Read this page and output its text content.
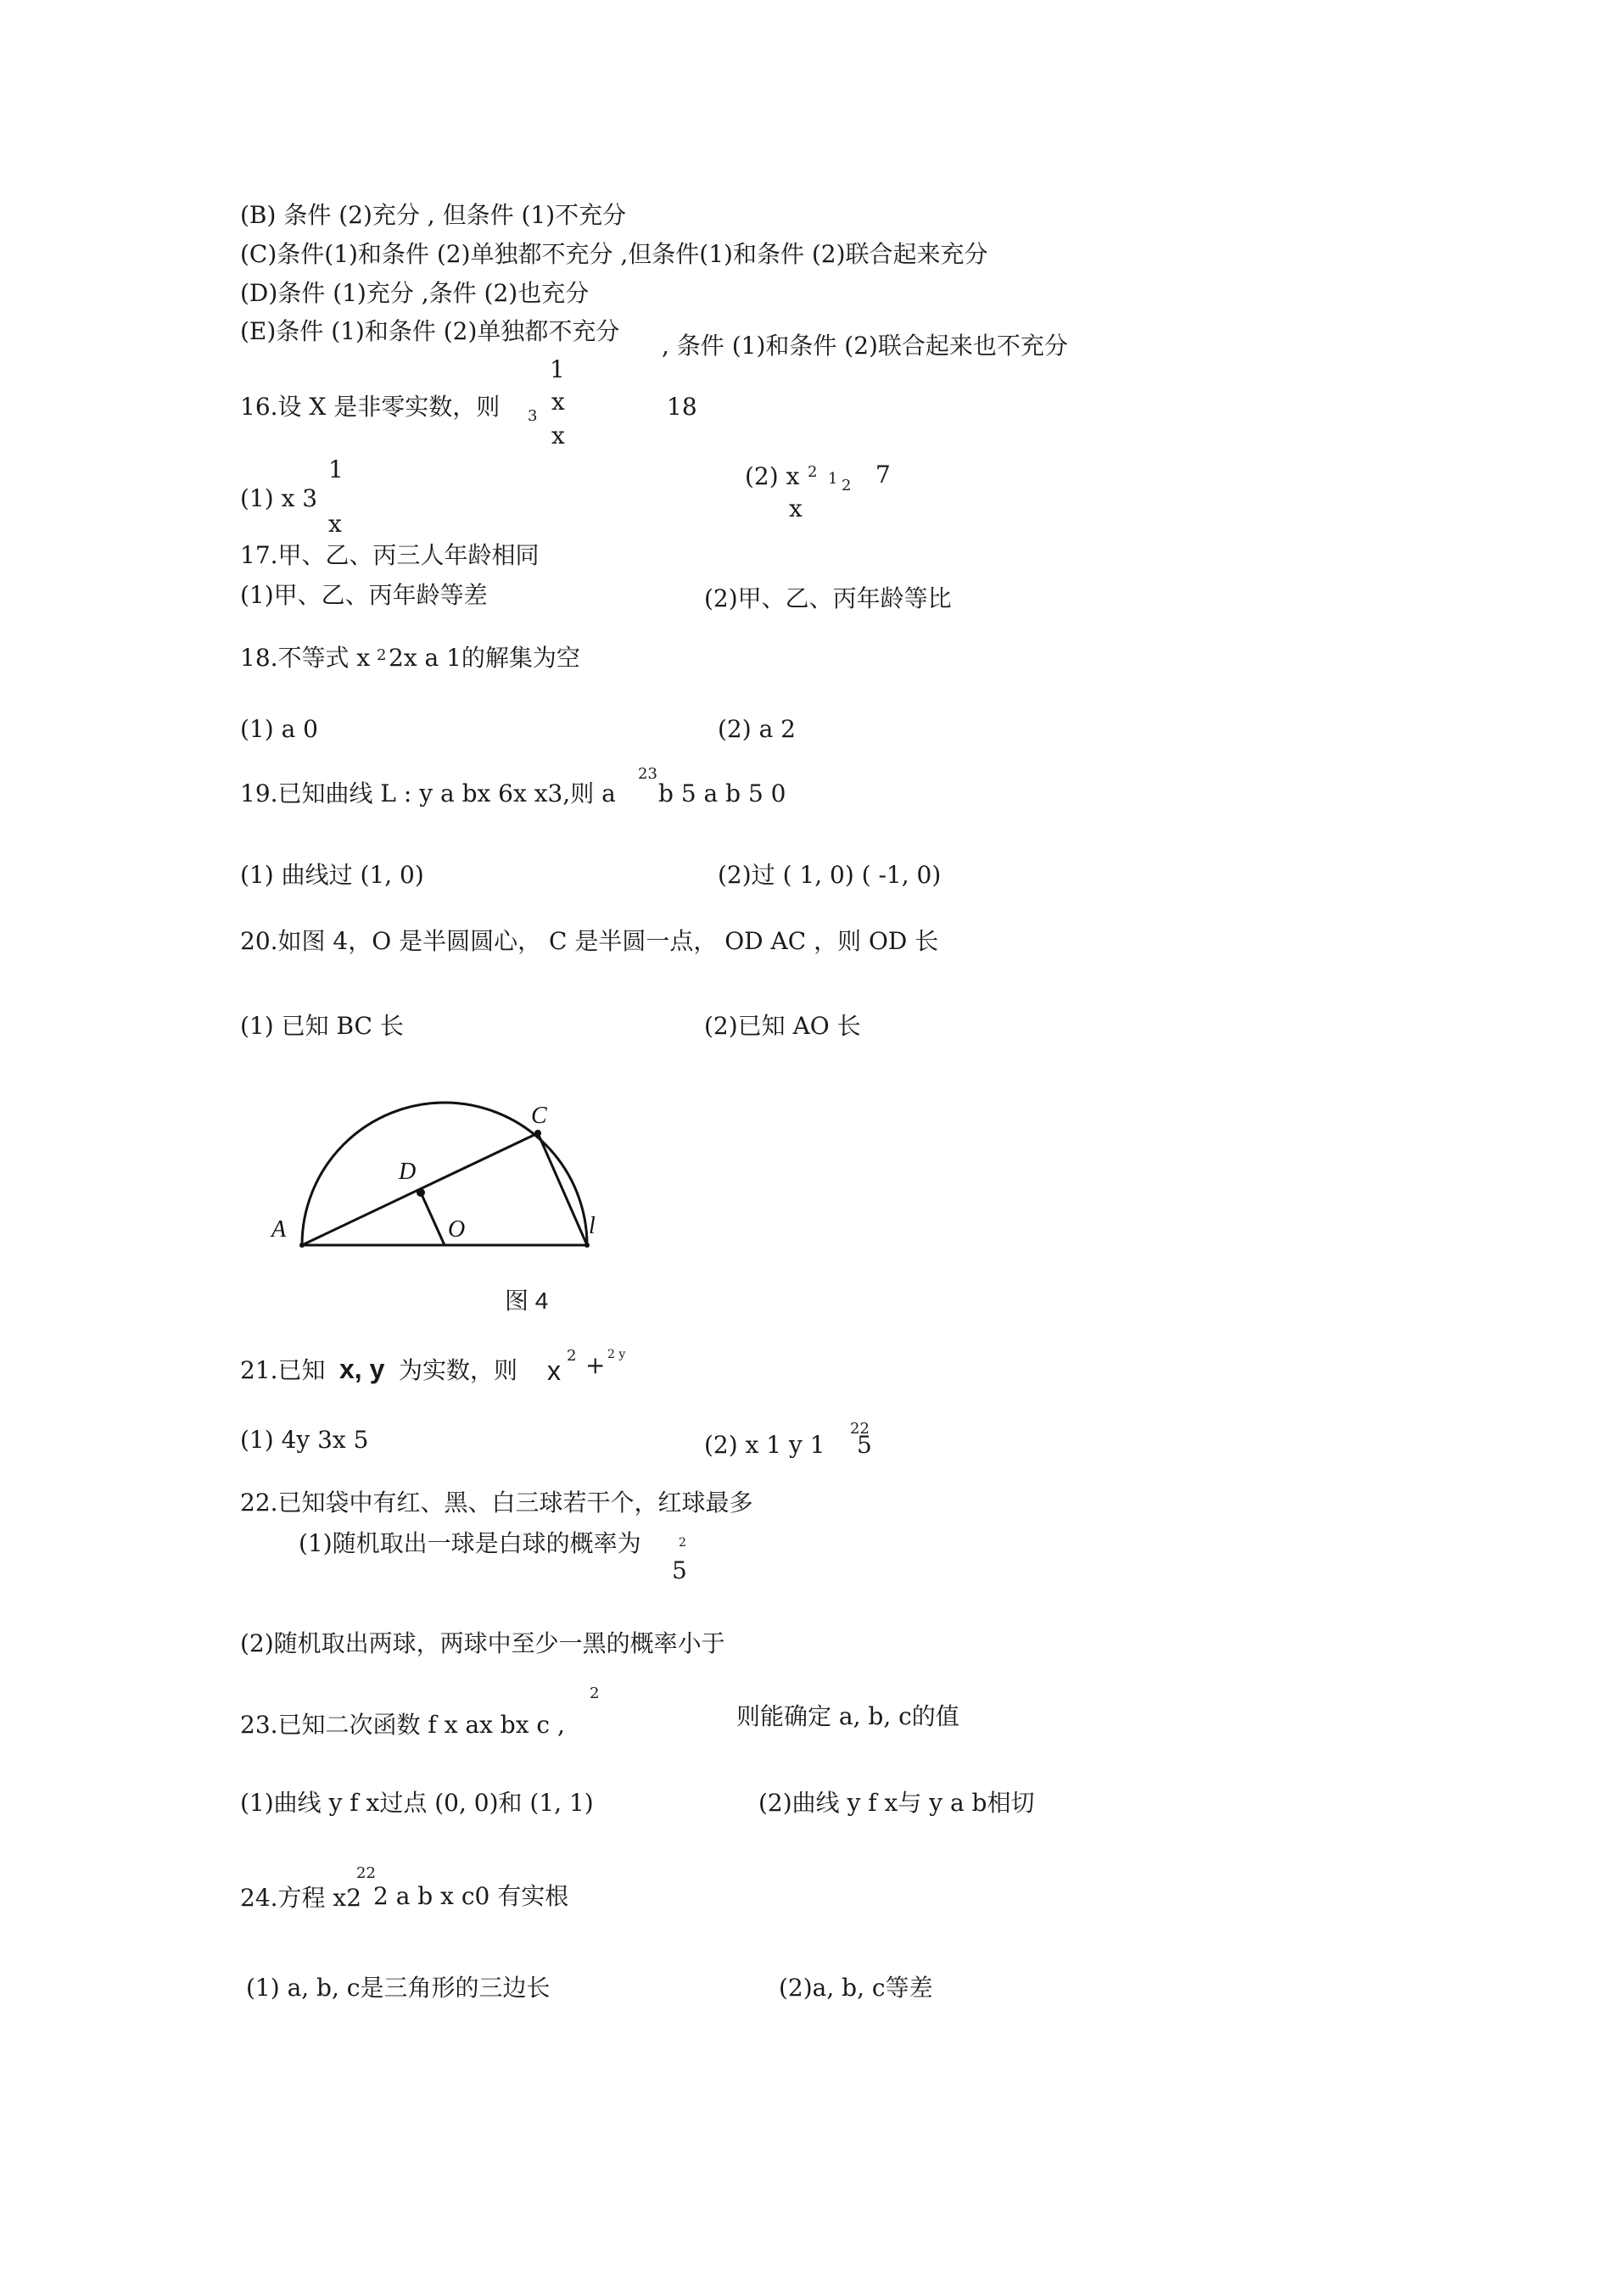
(B) 条件 (2)充分 , 但条件 (1)不充分
(C)条件(1)和条件 (2)单独都不充分 ,但条件(1)和条件 (2)联合起来充分
(D)条件 (1)充分 ,条件 (2)也充分
(E)条件 (1)和条件 (2)单独都不充分
, 条件 (1)和条件 (2)联合起来也不充分
1
x
16.设 X 是非零实数，则 3	18
x
1
(1) x 3
x
(2) x 2 1 2 7
x
17.甲、乙、丙三人年龄相同
(1)甲、乙、丙年龄等差	(2)甲、乙、丙年龄等比
18.不等式 x 2 2x a 1的解集为空
(1) a 0	(2) a 2
23
19.已知曲线 L : y a bx 6x x3,则 a b 5 a b 5 0
(1) 曲线过 (1, 0)	(2)过 ( 1, 0) ( -1, 0)
20.如图 4，O 是半圆圆心， C 是半圆一点， OD AC ，则 OD 长
(1) 已知 BC 长	(2)已知 AO 长
A	l
C
D
O
图 4
21.已知 x, y 为实数，则 x 2 + 2 y
(1) 4y 3x 5	(2) x 1 y 1
22
5
22.已知袋中有红、黑、白三球若干个，红球最多
(1)随机取出一球是白球的概率为	2
5
(2)随机取出两球，两球中至少一黑的概率小于
2
23.已知二次函数 f x ax bx c ,	则能确定 a, b, c的值
(1)曲线 y f x过点 (0, 0)和 (1, 1)	(2)曲线 y f x与 y a b相切
22
24.方程 x2 2 a b x c0 有实根
(1) a, b, c是三角形的三边长	(2)a, b, c等差
